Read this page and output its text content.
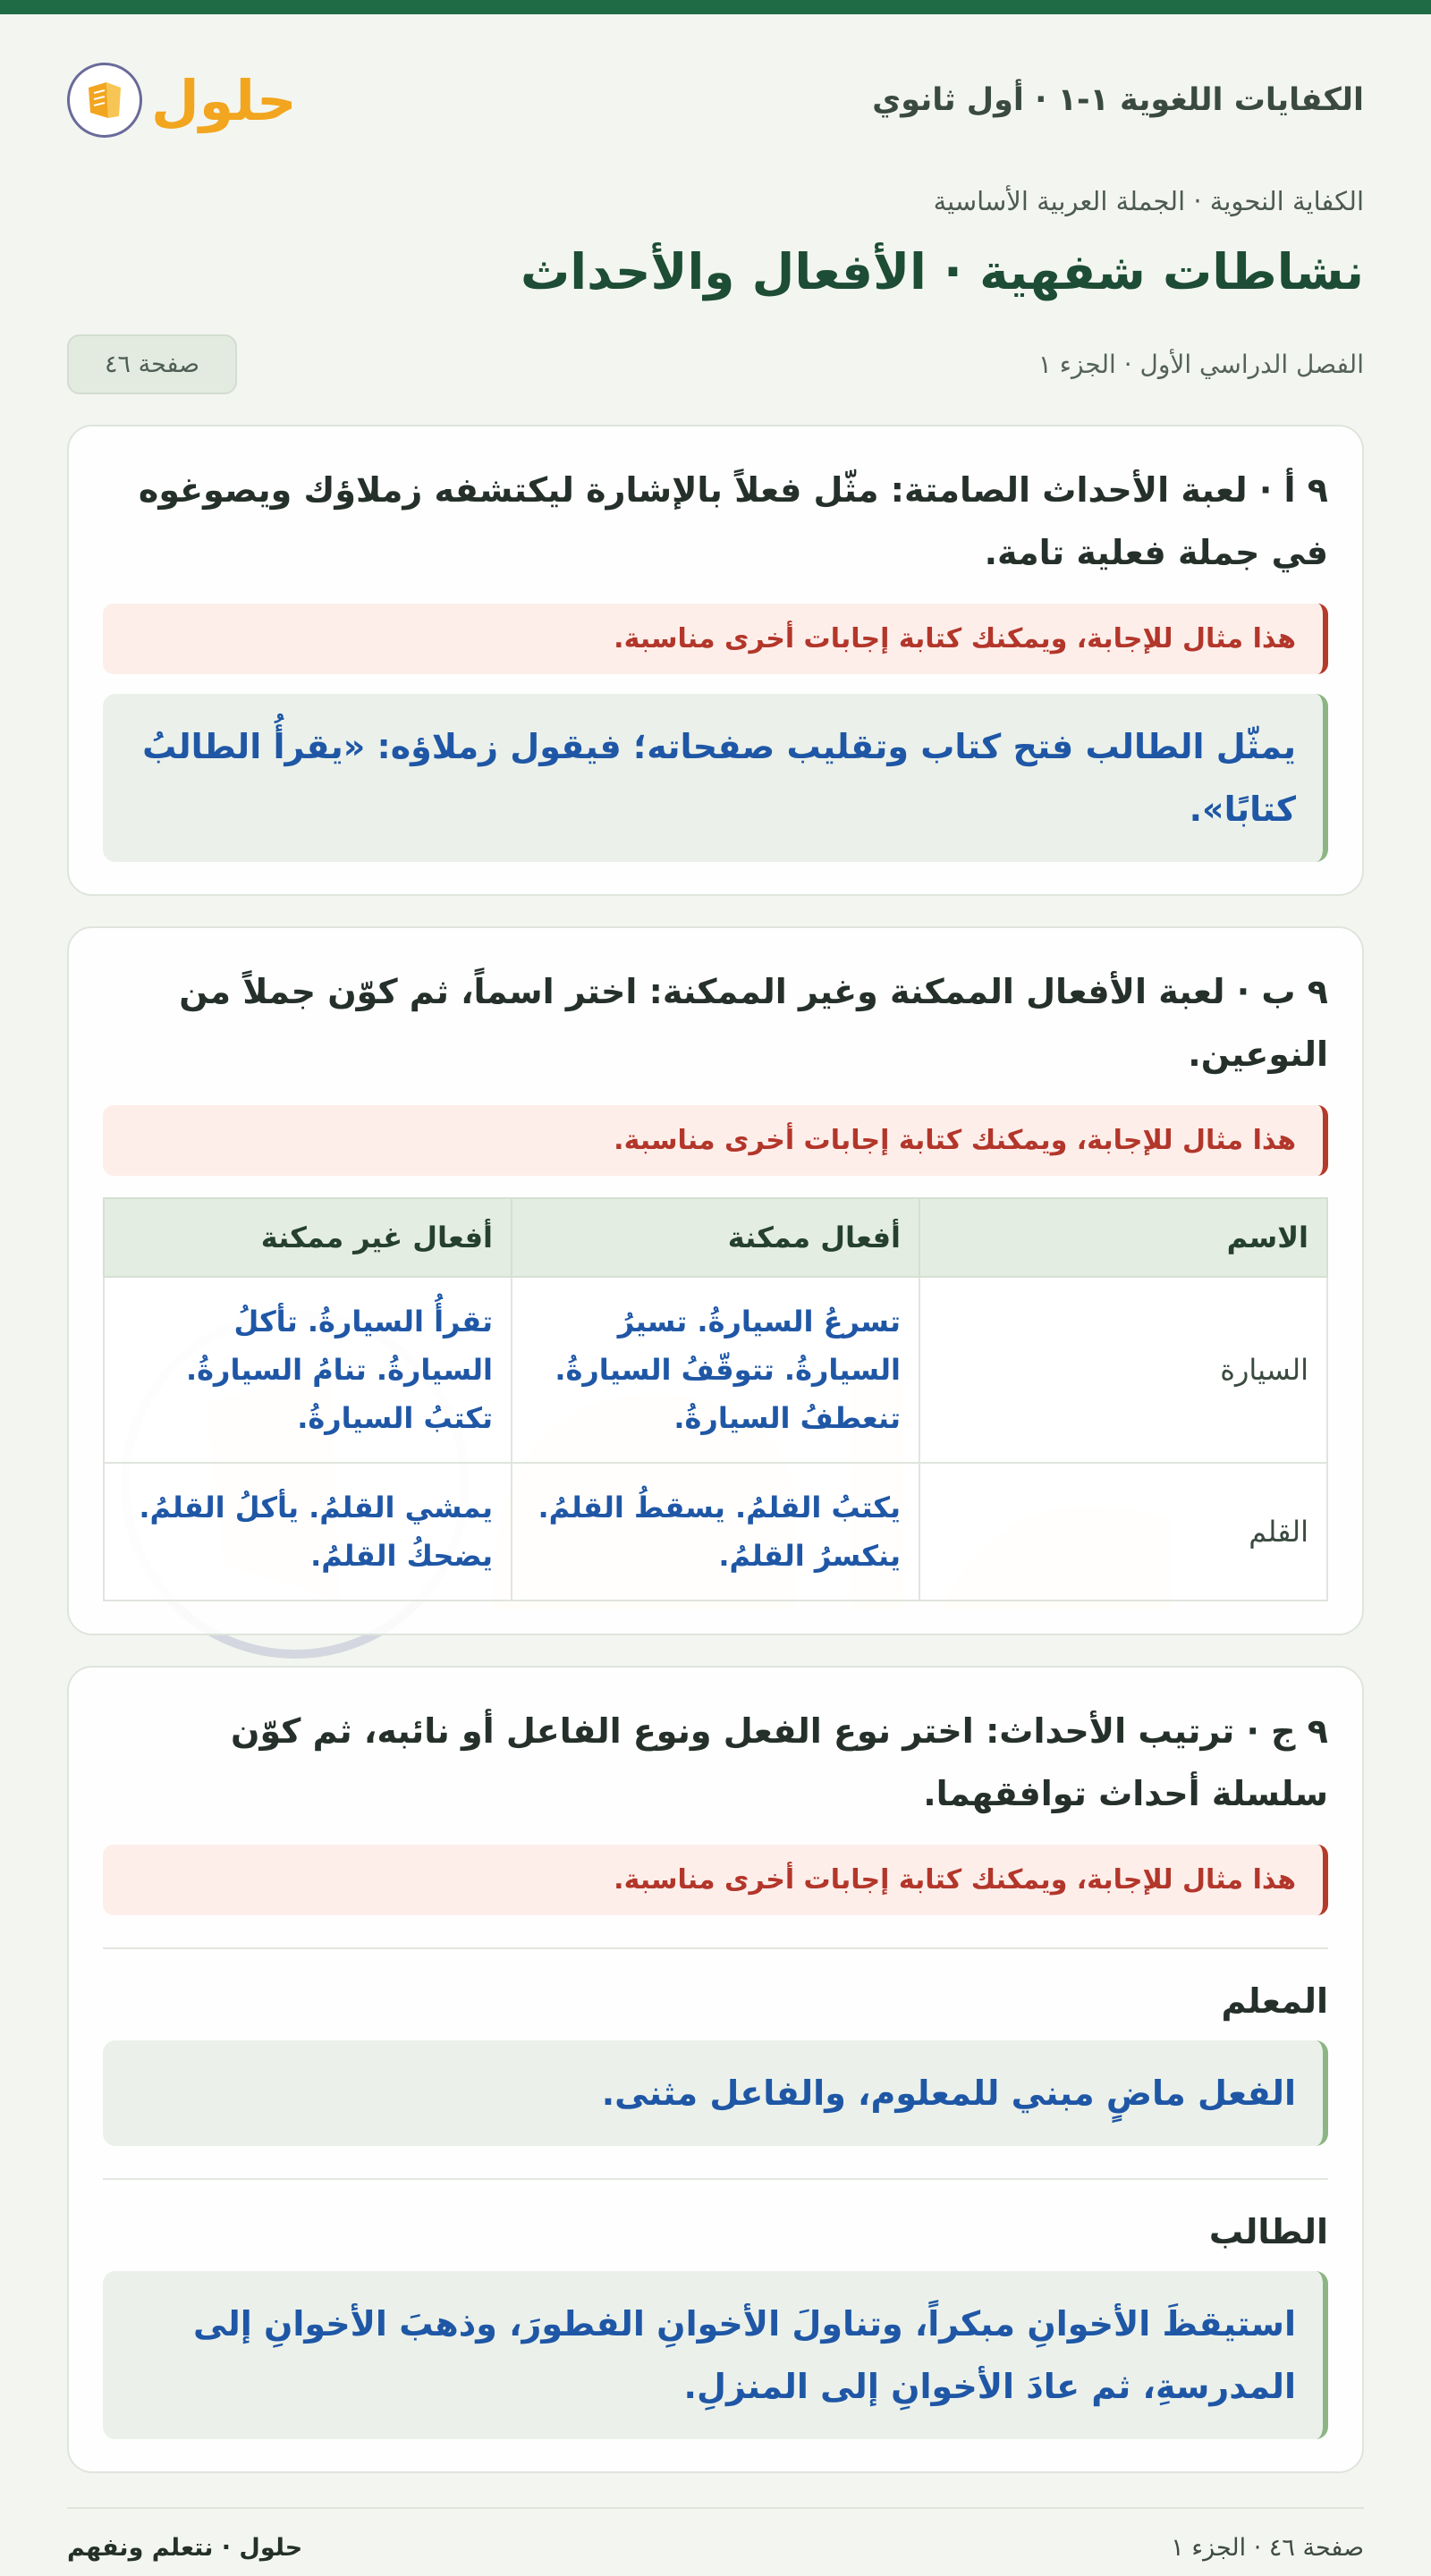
الكفايات اللغوية ١-١ · أول ثانوي
حلول
الكفاية النحوية · الجملة العربية الأساسية
نشاطات شفهية · الأفعال والأحداث
الفصل الدراسي الأول · الجزء ١
صفحة ٤٦
٩ أ · لعبة الأحداث الصامتة: مثّل فعلاً بالإشارة ليكتشفه زملاؤك ويصوغوه في جملة فعلية تامة.
هذا مثال للإجابة، ويمكنك كتابة إجابات أخرى مناسبة.
يمثّل الطالب فتح كتاب وتقليب صفحاته؛ فيقول زملاؤه: «يقرأُ الطالبُ كتابًا».
٩ ب · لعبة الأفعال الممكنة وغير الممكنة: اختر اسماً، ثم كوّن جملاً من النوعين.
هذا مثال للإجابة، ويمكنك كتابة إجابات أخرى مناسبة.
الاسم	أفعال ممكنة	أفعال غير ممكنة
السيارة	تسرعُ السيارةُ. تسيرُ السيارةُ. تتوقّفُ السيارةُ. تنعطفُ السيارةُ.	تقرأُ السيارةُ. تأكلُ السيارةُ. تنامُ السيارةُ. تكتبُ السيارةُ.
القلم	يكتبُ القلمُ. يسقطُ القلمُ. ينكسرُ القلمُ.	يمشي القلمُ. يأكلُ القلمُ. يضحكُ القلمُ.
٩ ج · ترتيب الأحداث: اختر نوع الفعل ونوع الفاعل أو نائبه، ثم كوّن سلسلة أحداث توافقهما.
هذا مثال للإجابة، ويمكنك كتابة إجابات أخرى مناسبة.
المعلم
الفعل ماضٍ مبني للمعلوم، والفاعل مثنى.
الطالب
استيقظَ الأخوانِ مبكراً، وتناولَ الأخوانِ الفطورَ، وذهبَ الأخوانِ إلى المدرسةِ، ثم عادَ الأخوانِ إلى المنزلِ.
صفحة ٤٦ · الجزء ١
حلول · نتعلم ونفهم
